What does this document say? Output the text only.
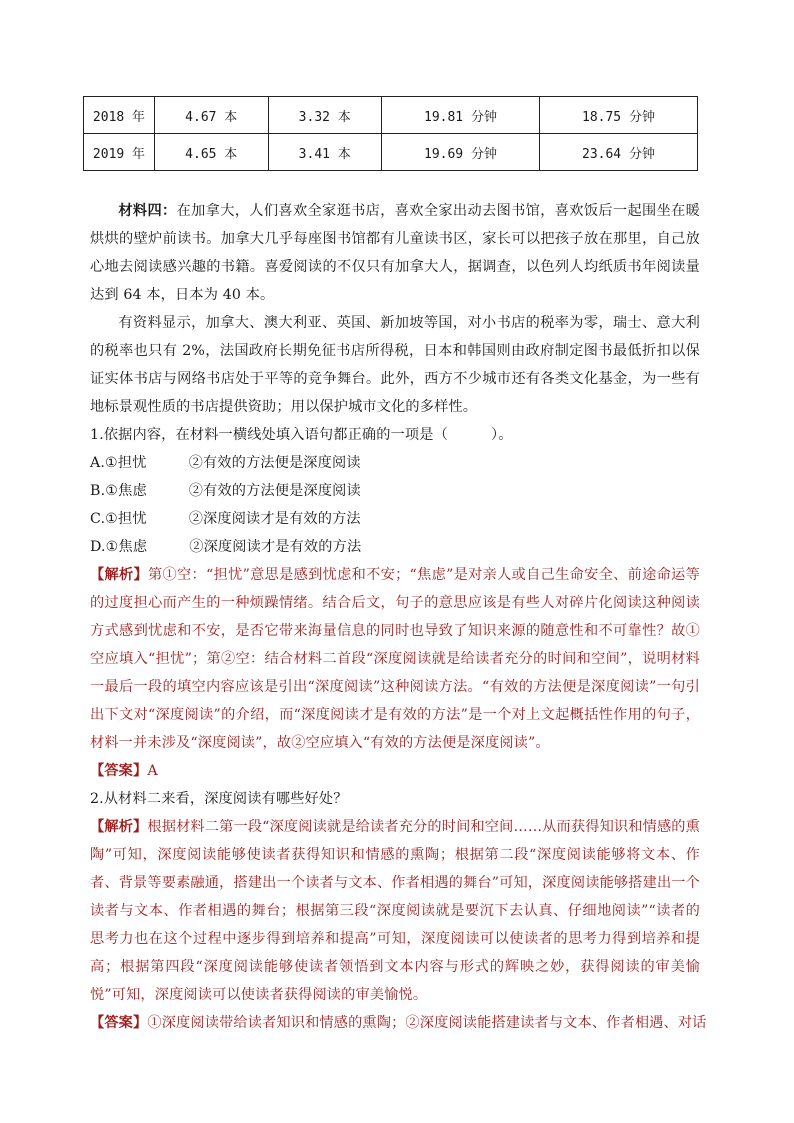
2018 年	4.67 本	3.32 本	19.81 分钟	18.75 分钟
2019 年	4.65 本	3.41 本	19.69 分钟	23.64 分钟

材料四：在加拿大，人们喜欢全家逛书店，喜欢全家出动去图书馆，喜欢饭后一起围坐在暖烘烘的壁炉前读书。加拿大几乎每座图书馆都有儿童读书区，家长可以把孩子放在那里，自己放心地去阅读感兴趣的书籍。喜爱阅读的不仅只有加拿大人，据调查，以色列人均纸质书年阅读量达到 64 本，日本为 40 本。

有资料显示，加拿大、澳大利亚、英国、新加坡等国，对小书店的税率为零，瑞士、意大利的税率也只有 2%，法国政府长期免征书店所得税，日本和韩国则由政府制定图书最低折扣以保证实体书店与网络书店处于平等的竞争舞台。此外，西方不少城市还有各类文化基金，为一些有地标景观性质的书店提供资助；用以保护城市文化的多样性。

1.依据内容，在材料一横线处填入语句都正确的一项是（　　　）。

A.①担忧	②有效的方法便是深度阅读

B.①焦虑	②有效的方法便是深度阅读

C.①担忧	②深度阅读才是有效的方法

D.①焦虑	②深度阅读才是有效的方法

【解析】第①空：“担忧”意思是感到忧虑和不安；“焦虑”是对亲人或自己生命安全、前途命运等的过度担心而产生的一种烦躁情绪。结合后文，句子的意思应该是有些人对碎片化阅读这种阅读方式感到忧虑和不安，是否它带来海量信息的同时也导致了知识来源的随意性和不可靠性？故①空应填入“担忧”；第②空：结合材料二首段“深度阅读就是给读者充分的时间和空间”，说明材料一最后一段的填空内容应该是引出“深度阅读”这种阅读方法。“有效的方法便是深度阅读”一句引出下文对“深度阅读”的介绍，而“深度阅读才是有效的方法”是一个对上文起概括性作用的句子，材料一并未涉及“深度阅读”，故②空应填入“有效的方法便是深度阅读”。

【答案】A

2.从材料二来看，深度阅读有哪些好处？

【解析】根据材料二第一段“深度阅读就是给读者充分的时间和空间……从而获得知识和情感的熏陶”可知，深度阅读能够使读者获得知识和情感的熏陶；根据第二段“深度阅读能够将文本、作者、背景等要素融通，搭建出一个读者与文本、作者相遇的舞台”可知，深度阅读能够搭建出一个读者与文本、作者相遇的舞台；根据第三段“深度阅读就是要沉下去认真、仔细地阅读”“读者的思考力也在这个过程中逐步得到培养和提高”可知，深度阅读可以使读者的思考力得到培养和提高；根据第四段“深度阅读能够使读者领悟到文本内容与形式的辉映之妙，获得阅读的审美愉悦”可知，深度阅读可以使读者获得阅读的审美愉悦。

【答案】①深度阅读带给读者知识和情感的熏陶；②深度阅读能搭建读者与文本、作者相遇、对话
